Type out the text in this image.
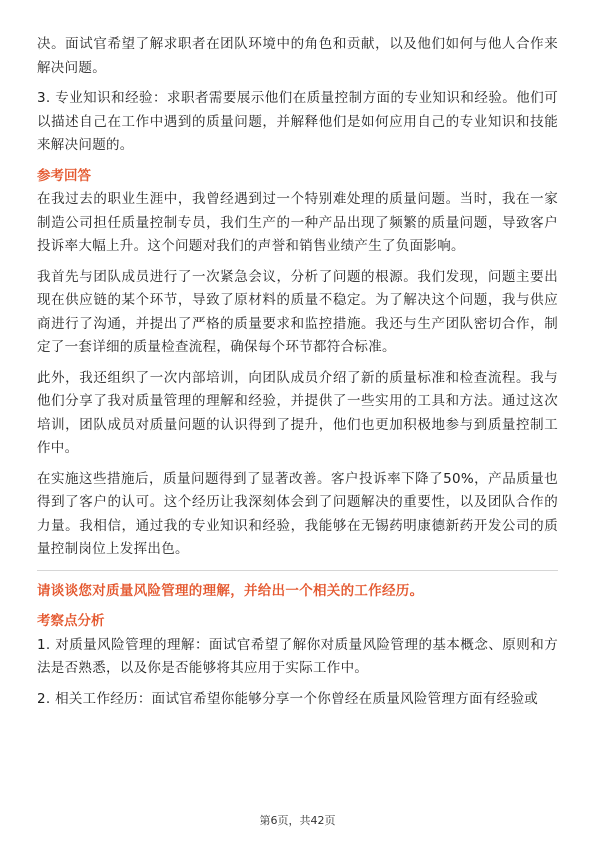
决。面试官希望了解求职者在团队环境中的角色和贡献，以及他们如何与他人合作来解决问题。

3. 专业知识和经验：求职者需要展示他们在质量控制方面的专业知识和经验。他们可以描述自己在工作中遇到的质量问题，并解释他们是如何应用自己的专业知识和技能来解决问题的。

参考回答

在我过去的职业生涯中，我曾经遇到过一个特别难处理的质量问题。当时，我在一家制造公司担任质量控制专员，我们生产的一种产品出现了频繁的质量问题，导致客户投诉率大幅上升。这个问题对我们的声誉和销售业绩产生了负面影响。

我首先与团队成员进行了一次紧急会议，分析了问题的根源。我们发现，问题主要出现在供应链的某个环节，导致了原材料的质量不稳定。为了解决这个问题，我与供应商进行了沟通，并提出了严格的质量要求和监控措施。我还与生产团队密切合作，制定了一套详细的质量检查流程，确保每个环节都符合标准。

此外，我还组织了一次内部培训，向团队成员介绍了新的质量标准和检查流程。我与他们分享了我对质量管理的理解和经验，并提供了一些实用的工具和方法。通过这次培训，团队成员对质量问题的认识得到了提升，他们也更加积极地参与到质量控制工作中。

在实施这些措施后，质量问题得到了显著改善。客户投诉率下降了50%，产品质量也得到了客户的认可。这个经历让我深刻体会到了问题解决的重要性，以及团队合作的力量。我相信，通过我的专业知识和经验，我能够在无锡药明康德新药开发公司的质量控制岗位上发挥出色。

请谈谈您对质量风险管理的理解，并给出一个相关的工作经历。

考察点分析

1. 对质量风险管理的理解：面试官希望了解你对质量风险管理的基本概念、原则和方法是否熟悉，以及你是否能够将其应用于实际工作中。

2. 相关工作经历：面试官希望你能够分享一个你曾经在质量风险管理方面有经验或

第6页，共42页
